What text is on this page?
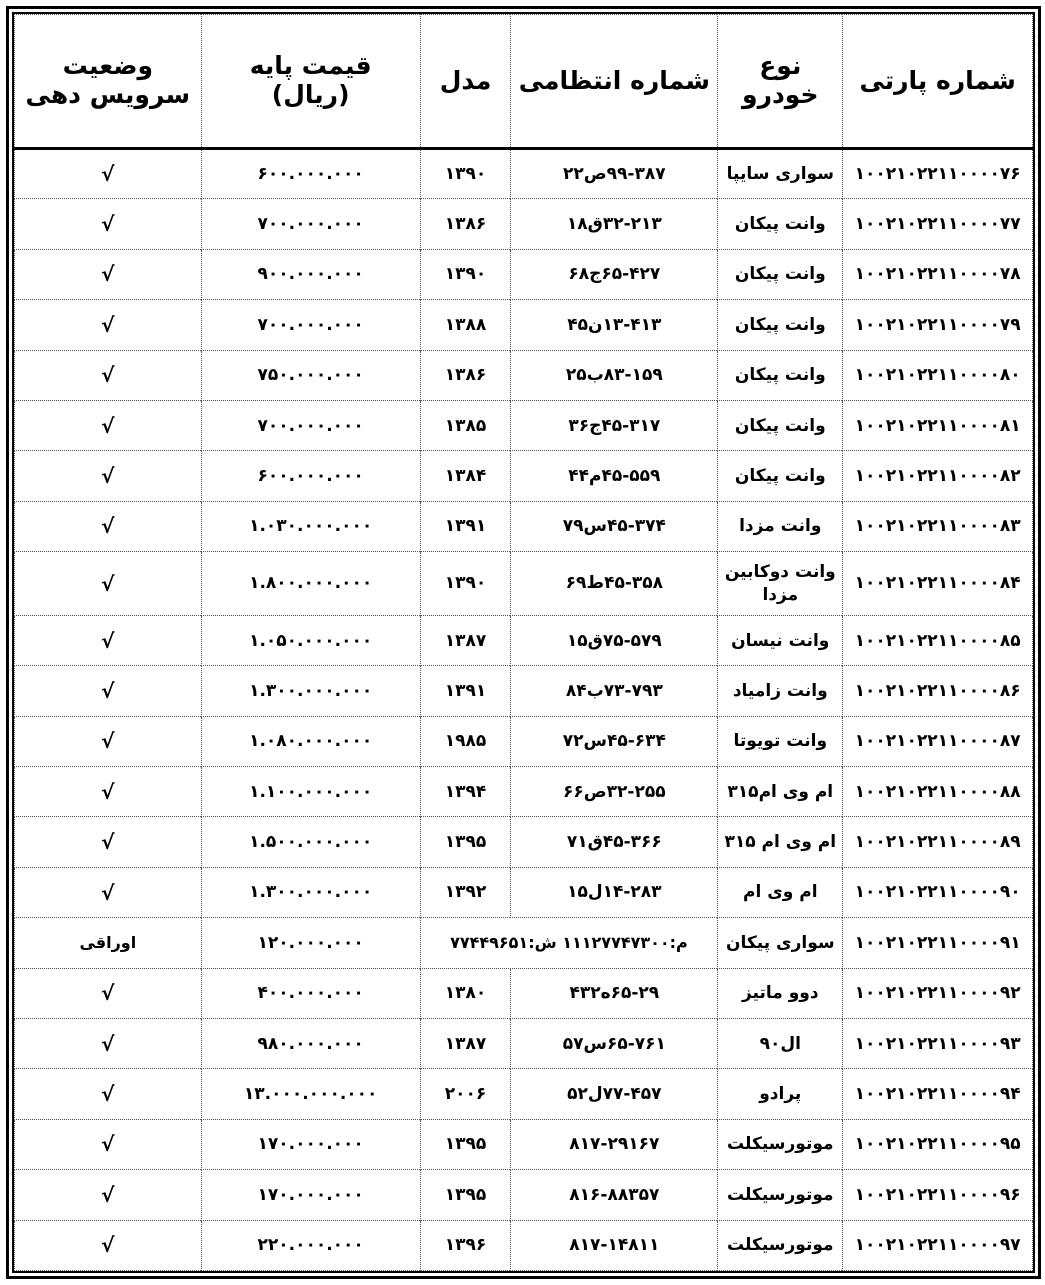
شماره پارتی	نوع خودرو	شماره انتظامی	مدل	قیمت پایه (ریال)	وضعیت سرویس دهی
۱۰۰۲۱۰۲۲۱۱۰۰۰۰۷۶	سواری سایپا	۹۹-۳۸۷ص۲۲	۱۳۹۰	۶۰۰.۰۰۰.۰۰۰	√
۱۰۰۲۱۰۲۲۱۱۰۰۰۰۷۷	وانت پیکان	۳۲-۲۱۳ق۱۸	۱۳۸۶	۷۰۰.۰۰۰.۰۰۰	√
۱۰۰۲۱۰۲۲۱۱۰۰۰۰۷۸	وانت پیکان	۶۵-۴۲۷ج۶۸	۱۳۹۰	۹۰۰.۰۰۰.۰۰۰	√
۱۰۰۲۱۰۲۲۱۱۰۰۰۰۷۹	وانت پیکان	۱۳-۴۱۳ن۴۵	۱۳۸۸	۷۰۰.۰۰۰.۰۰۰	√
۱۰۰۲۱۰۲۲۱۱۰۰۰۰۸۰	وانت پیکان	۸۳-۱۵۹ب۲۵	۱۳۸۶	۷۵۰.۰۰۰.۰۰۰	√
۱۰۰۲۱۰۲۲۱۱۰۰۰۰۸۱	وانت پیکان	۴۵-۳۱۷ج۳۶	۱۳۸۵	۷۰۰.۰۰۰.۰۰۰	√
۱۰۰۲۱۰۲۲۱۱۰۰۰۰۸۲	وانت پیکان	۴۵-۵۵۹م۴۴	۱۳۸۴	۶۰۰.۰۰۰.۰۰۰	√
۱۰۰۲۱۰۲۲۱۱۰۰۰۰۸۳	وانت مزدا	۴۵-۳۷۴س۷۹	۱۳۹۱	۱.۰۳۰.۰۰۰.۰۰۰	√
۱۰۰۲۱۰۲۲۱۱۰۰۰۰۸۴	وانت دوکابین مزدا	۴۵-۳۵۸ط۶۹	۱۳۹۰	۱.۸۰۰.۰۰۰.۰۰۰	√
۱۰۰۲۱۰۲۲۱۱۰۰۰۰۸۵	وانت نیسان	۷۵-۵۷۹ق۱۵	۱۳۸۷	۱.۰۵۰.۰۰۰.۰۰۰	√
۱۰۰۲۱۰۲۲۱۱۰۰۰۰۸۶	وانت زامیاد	۷۳-۷۹۳ب۸۴	۱۳۹۱	۱.۳۰۰.۰۰۰.۰۰۰	√
۱۰۰۲۱۰۲۲۱۱۰۰۰۰۸۷	وانت تویوتا	۴۵-۶۳۴س۷۲	۱۹۸۵	۱.۰۸۰.۰۰۰.۰۰۰	√
۱۰۰۲۱۰۲۲۱۱۰۰۰۰۸۸	ام وی ام۳۱۵	۳۲-۲۵۵ص۶۶	۱۳۹۴	۱.۱۰۰.۰۰۰.۰۰۰	√
۱۰۰۲۱۰۲۲۱۱۰۰۰۰۸۹	ام وی ام ۳۱۵	۴۵-۳۶۶ق۷۱	۱۳۹۵	۱.۵۰۰.۰۰۰.۰۰۰	√
۱۰۰۲۱۰۲۲۱۱۰۰۰۰۹۰	ام وی ام	۱۴-۲۸۳ل۱۵	۱۳۹۲	۱.۳۰۰.۰۰۰.۰۰۰	√
۱۰۰۲۱۰۲۲۱۱۰۰۰۰۹۱	سواری پیکان	م:۱۱۱۲۷۷۴۷۳۰۰ ش:۷۷۴۴۹۶۵۱		۱۲۰.۰۰۰.۰۰۰	اوراقی
۱۰۰۲۱۰۲۲۱۱۰۰۰۰۹۲	دوو ماتیز	۶۵-۲۹ه۴۳۲	۱۳۸۰	۴۰۰.۰۰۰.۰۰۰	√
۱۰۰۲۱۰۲۲۱۱۰۰۰۰۹۳	ال۹۰	۶۵-۷۶۱س۵۷	۱۳۸۷	۹۸۰.۰۰۰.۰۰۰	√
۱۰۰۲۱۰۲۲۱۱۰۰۰۰۹۴	پرادو	۷۷-۴۵۷ل۵۲	۲۰۰۶	۱۳.۰۰۰.۰۰۰.۰۰۰	√
۱۰۰۲۱۰۲۲۱۱۰۰۰۰۹۵	موتورسیکلت	۸۱۷-۲۹۱۶۷	۱۳۹۵	۱۷۰.۰۰۰.۰۰۰	√
۱۰۰۲۱۰۲۲۱۱۰۰۰۰۹۶	موتورسیکلت	۸۱۶-۸۸۳۵۷	۱۳۹۵	۱۷۰.۰۰۰.۰۰۰	√
۱۰۰۲۱۰۲۲۱۱۰۰۰۰۹۷	موتورسیکلت	۸۱۷-۱۴۸۱۱	۱۳۹۶	۲۲۰.۰۰۰.۰۰۰	√
